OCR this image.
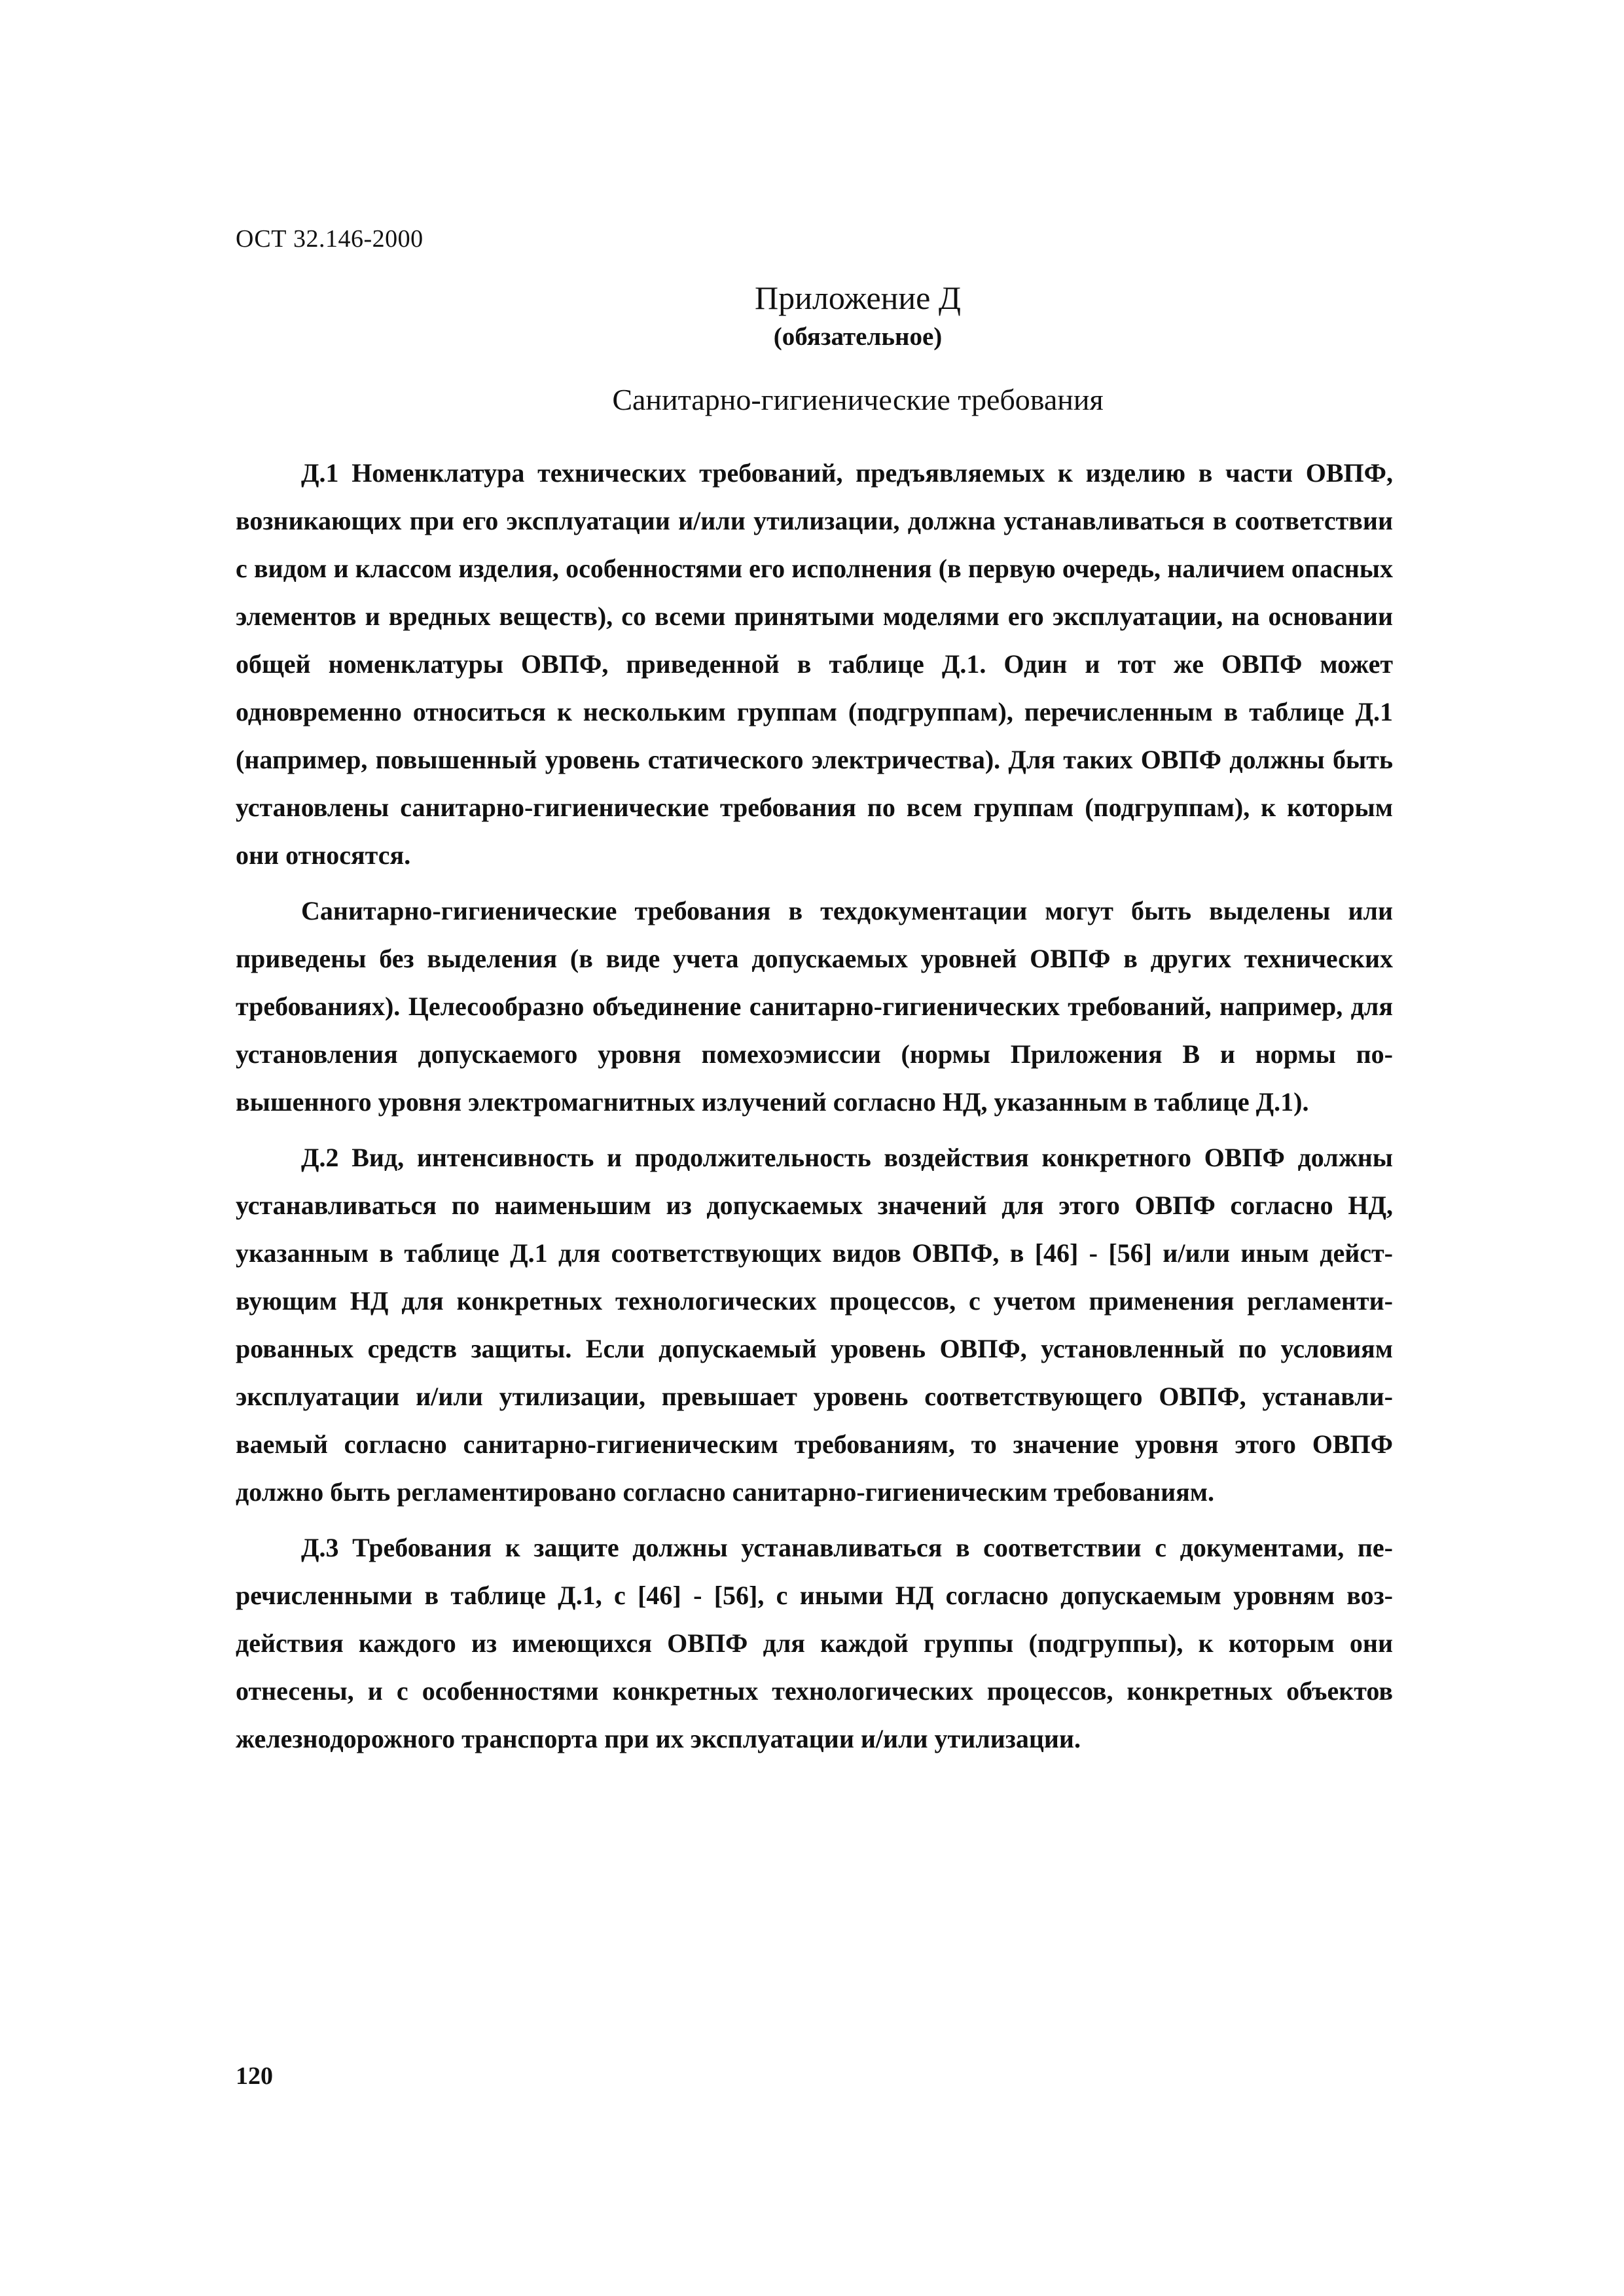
ОСТ 32.146-2000
Приложение Д
(обязательное)
Санитарно-гигиенические требования

Д.1 Номенклатура технических требований, предъявляемых к изделию в части ОВПФ, возникающих при его эксплуатации и/или утилизации, должна устанавливаться в соответствии с видом и классом изделия, особенностями его исполнения (в первую очередь, наличием опасных элементов и вредных веществ), со всеми принятыми моделями его эксплуатации, на основании общей номенклатуры ОВПФ, приведенной в таблице Д.1. Один и тот же ОВПФ может одновременно относиться к нескольким группам (подгруппам), перечисленным в таблице Д.1 (например, повышенный уровень статического электричества). Для таких ОВПФ должны быть установлены санитарно-гигиенические требования по всем группам (подгруппам), к которым они относятся.

Санитарно-гигиенические требования в техдокументации могут быть выделены или приведены без выделения (в виде учета допускаемых уровней ОВПФ в других технических требованиях). Целесообразно объединение санитарно-гигиенических требований, например, для установления допускаемого уровня помехоэмиссии (нормы Приложения В и нормы повышенного уровня электромагнитных излучений согласно НД, указанным в таблице Д.1).

Д.2 Вид, интенсивность и продолжительность воздействия конкретного ОВПФ должны устанавливаться по наименьшим из допускаемых значений для этого ОВПФ согласно НД, указанным в таблице Д.1 для соответствующих видов ОВПФ, в [46] - [56] и/или иным действующим НД для конкретных технологических процессов, с учетом применения регламентированных средств защиты. Если допускаемый уровень ОВПФ, установленный по условиям эксплуатации и/или утилизации, превышает уровень соответствующего ОВПФ, устанавливаемый согласно санитарно-гигиеническим требованиям, то значение уровня этого ОВПФ должно быть регламентировано согласно санитарно-гигиеническим требованиям.

Д.3 Требования к защите должны устанавливаться в соответствии с документами, перечисленными в таблице Д.1, с [46] - [56], с иными НД согласно допускаемым уровням воздействия каждого из имеющихся ОВПФ для каждой группы (подгруппы), к которым они отнесены, и с особенностями конкретных технологических процессов, конкретных объектов железнодорожного транспорта при их эксплуатации и/или утилизации.

120
